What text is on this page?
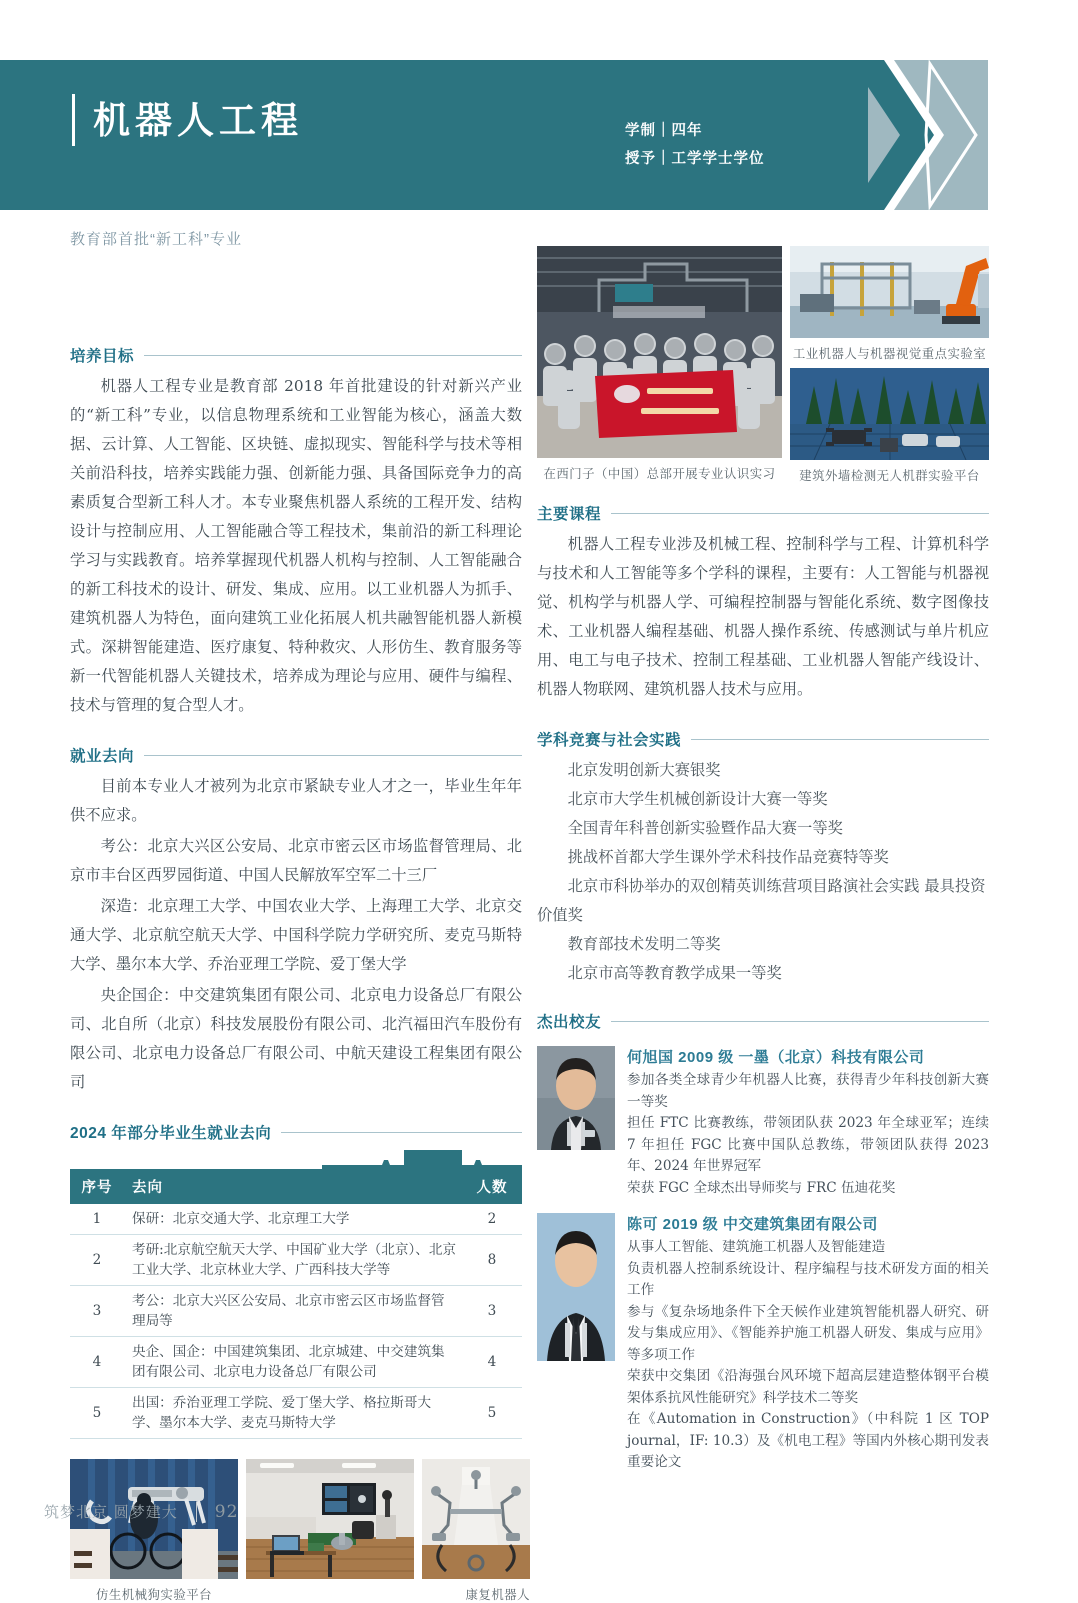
机器人工程	学制｜四年
授予｜工学学士学位
教育部首批“新工科”专业
培养目标

机器人工程专业是教育部 2018 年首批建设的针对新兴产业的“新工科”专业，以信息物理系统和工业智能为核心，涵盖大数据、云计算、人工智能、区块链、虚拟现实、智能科学与技术等相关前沿科技，培养实践能力强、创新能力强、具备国际竞争力的高素质复合型新工科人才。本专业聚焦机器人系统的工程开发、结构设计与控制应用、人工智能融合等工程技术，集前沿的新工科理论学习与实践教育。培养掌握现代机器人机构与控制、人工智能融合的新工科技术的设计、研发、集成、应用。以工业机器人为抓手、建筑机器人为特色，面向建筑工业化拓展人机共融智能机器人新模式。深耕智能建造、医疗康复、特种救灾、人形仿生、教育服务等新一代智能机器人关键技术，培养成为理论与应用、硬件与编程、技术与管理的复合型人才。

就业去向

目前本专业人才被列为北京市紧缺专业人才之一，毕业生年年供不应求。

考公：北京大兴区公安局、北京市密云区市场监督管理局、北京市丰台区西罗园街道、中国人民解放军空军二十三厂

深造：北京理工大学、中国农业大学、上海理工大学、北京交通大学、北京航空航天大学、中国科学院力学研究所、麦克马斯特大学、墨尔本大学、乔治亚理工学院、爱丁堡大学

央企国企：中交建筑集团有限公司、北京电力设备总厂有限公司、北自所（北京）科技发展股份有限公司、北汽福田汽车股份有限公司、北京电力设备总厂有限公司、中航天建设工程集团有限公司

2024 年部分毕业生就业去向
序号	去向	人数
1	保研：北京交通大学、北京理工大学	2
2	考研:北京航空航天大学、中国矿业大学（北京）、北京工业大学、北京林业大学、广西科技大学等	8
3	考公：北京大兴区公安局、北京市密云区市场监督管理局等	3
4	央企、国企：中国建筑集团、北京城建、中交建筑集团有限公司、北京电力设备总厂有限公司	4
5	出国：乔治亚理工学院、爱丁堡大学、格拉斯哥大学、墨尔本大学、麦克马斯特大学	5
仿生机械狗实验平台	康复机器人
在西门子（中国）总部开展专业认识实习
工业机器人与机器视觉重点实验室
建筑外墙检测无人机群实验平台
主要课程

机器人工程专业涉及机械工程、控制科学与工程、计算机科学与技术和人工智能等多个学科的课程，主要有：人工智能与机器视觉、机构学与机器人学、可编程控制器与智能化系统、数字图像技术、工业机器人编程基础、机器人操作系统、传感测试与单片机应用、电工与电子技术、控制工程基础、工业机器人智能产线设计、机器人物联网、建筑机器人技术与应用。

学科竞赛与社会实践

北京发明创新大赛银奖

北京市大学生机械创新设计大赛一等奖

全国青年科普创新实验暨作品大赛一等奖

挑战杯首都大学生课外学术科技作品竞赛特等奖

北京市科协举办的双创精英训练营项目路演社会实践 最具投资价值奖

教育部技术发明二等奖

北京市高等教育教学成果一等奖

杰出校友
何旭国 2009 级 一墨（北京）科技有限公司
参加各类全球青少年机器人比赛，获得青少年科技创新大赛一等奖
担任 FTC 比赛教练，带领团队获 2023 年全球亚军；连续 7 年担任 FGC 比赛中国队总教练，带领团队获得 2023 年、2024 年世界冠军
荣获 FGC 全球杰出导师奖与 FRC 伍迪花奖
陈可 2019 级 中交建筑集团有限公司
从事人工智能、建筑施工机器人及智能建造
负责机器人控制系统设计、程序编程与技术研发方面的相关工作
参与《复杂场地条件下全天候作业建筑智能机器人研究、研发与集成应用》、《智能养护施工机器人研发、集成与应用》等多项工作
荣获中交集团《沿海强台风环境下超高层建造整体钢平台模架体系抗风性能研究》科学技术二等奖
在《Automation in Construction》（中科院 1 区 TOP journal，IF: 10.3）及《机电工程》等国内外核心期刊发表重要论文
筑梦北京 圆梦建大 92
